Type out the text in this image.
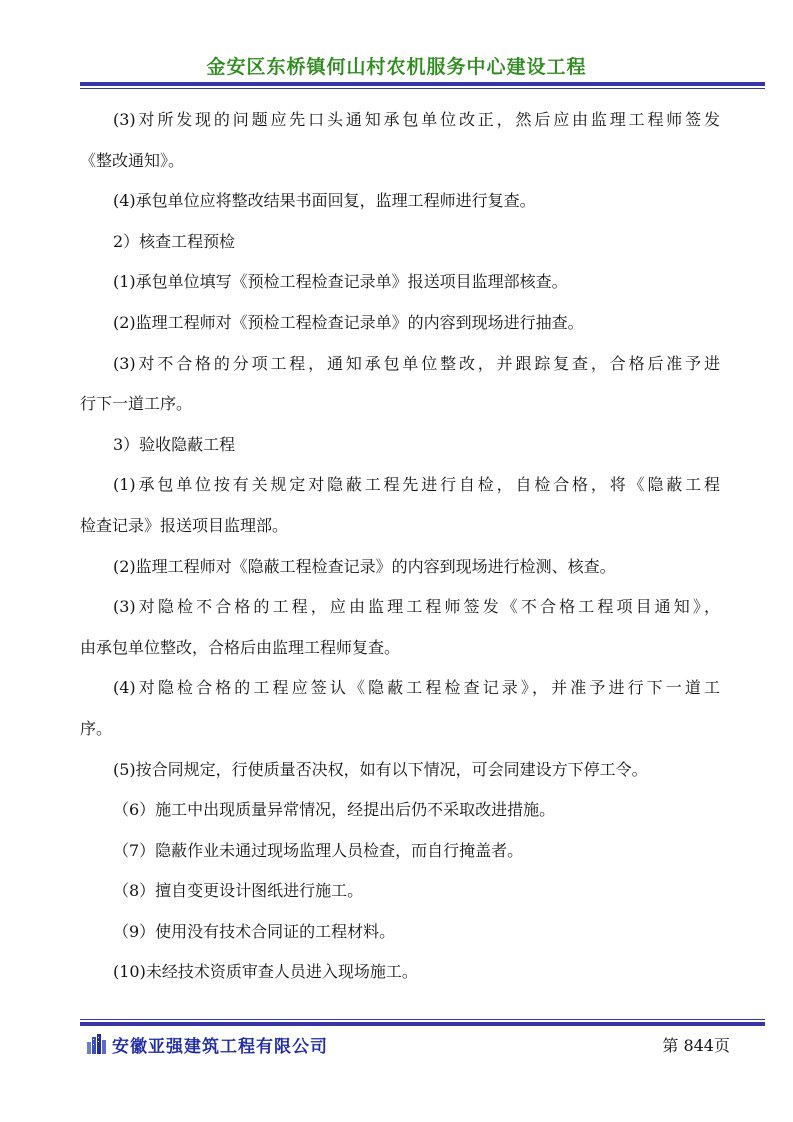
金安区东桥镇何山村农机服务中心建设工程

(3)对所发现的问题应先口头通知承包单位改正，然后应由监理工程师签发

《整改通知》。

(4)承包单位应将整改结果书面回复，监理工程师进行复查。

2）核查工程预检

(1)承包单位填写《预检工程检查记录单》报送项目监理部核查。

(2)监理工程师对《预检工程检查记录单》的内容到现场进行抽查。

(3)对不合格的分项工程，通知承包单位整改，并跟踪复查，合格后准予进

行下一道工序。

3）验收隐蔽工程

(1)承包单位按有关规定对隐蔽工程先进行自检，自检合格，将《隐蔽工程

检查记录》报送项目监理部。

(2)监理工程师对《隐蔽工程检查记录》的内容到现场进行检测、核查。

(3)对隐检不合格的工程，应由监理工程师签发《不合格工程项目通知》，

由承包单位整改，合格后由监理工程师复查。

(4)对隐检合格的工程应签认《隐蔽工程检查记录》，并准予进行下一道工

序。

(5)按合同规定，行使质量否决权，如有以下情况，可会同建设方下停工令。

（6）施工中出现质量异常情况，经提出后仍不采取改进措施。

（7）隐蔽作业未通过现场监理人员检查，而自行掩盖者。

（8）擅自变更设计图纸进行施工。

（9）使用没有技术合同证的工程材料。

(10)未经技术资质审查人员进入现场施工。

安徽亚强建筑工程有限公司	第 844页
